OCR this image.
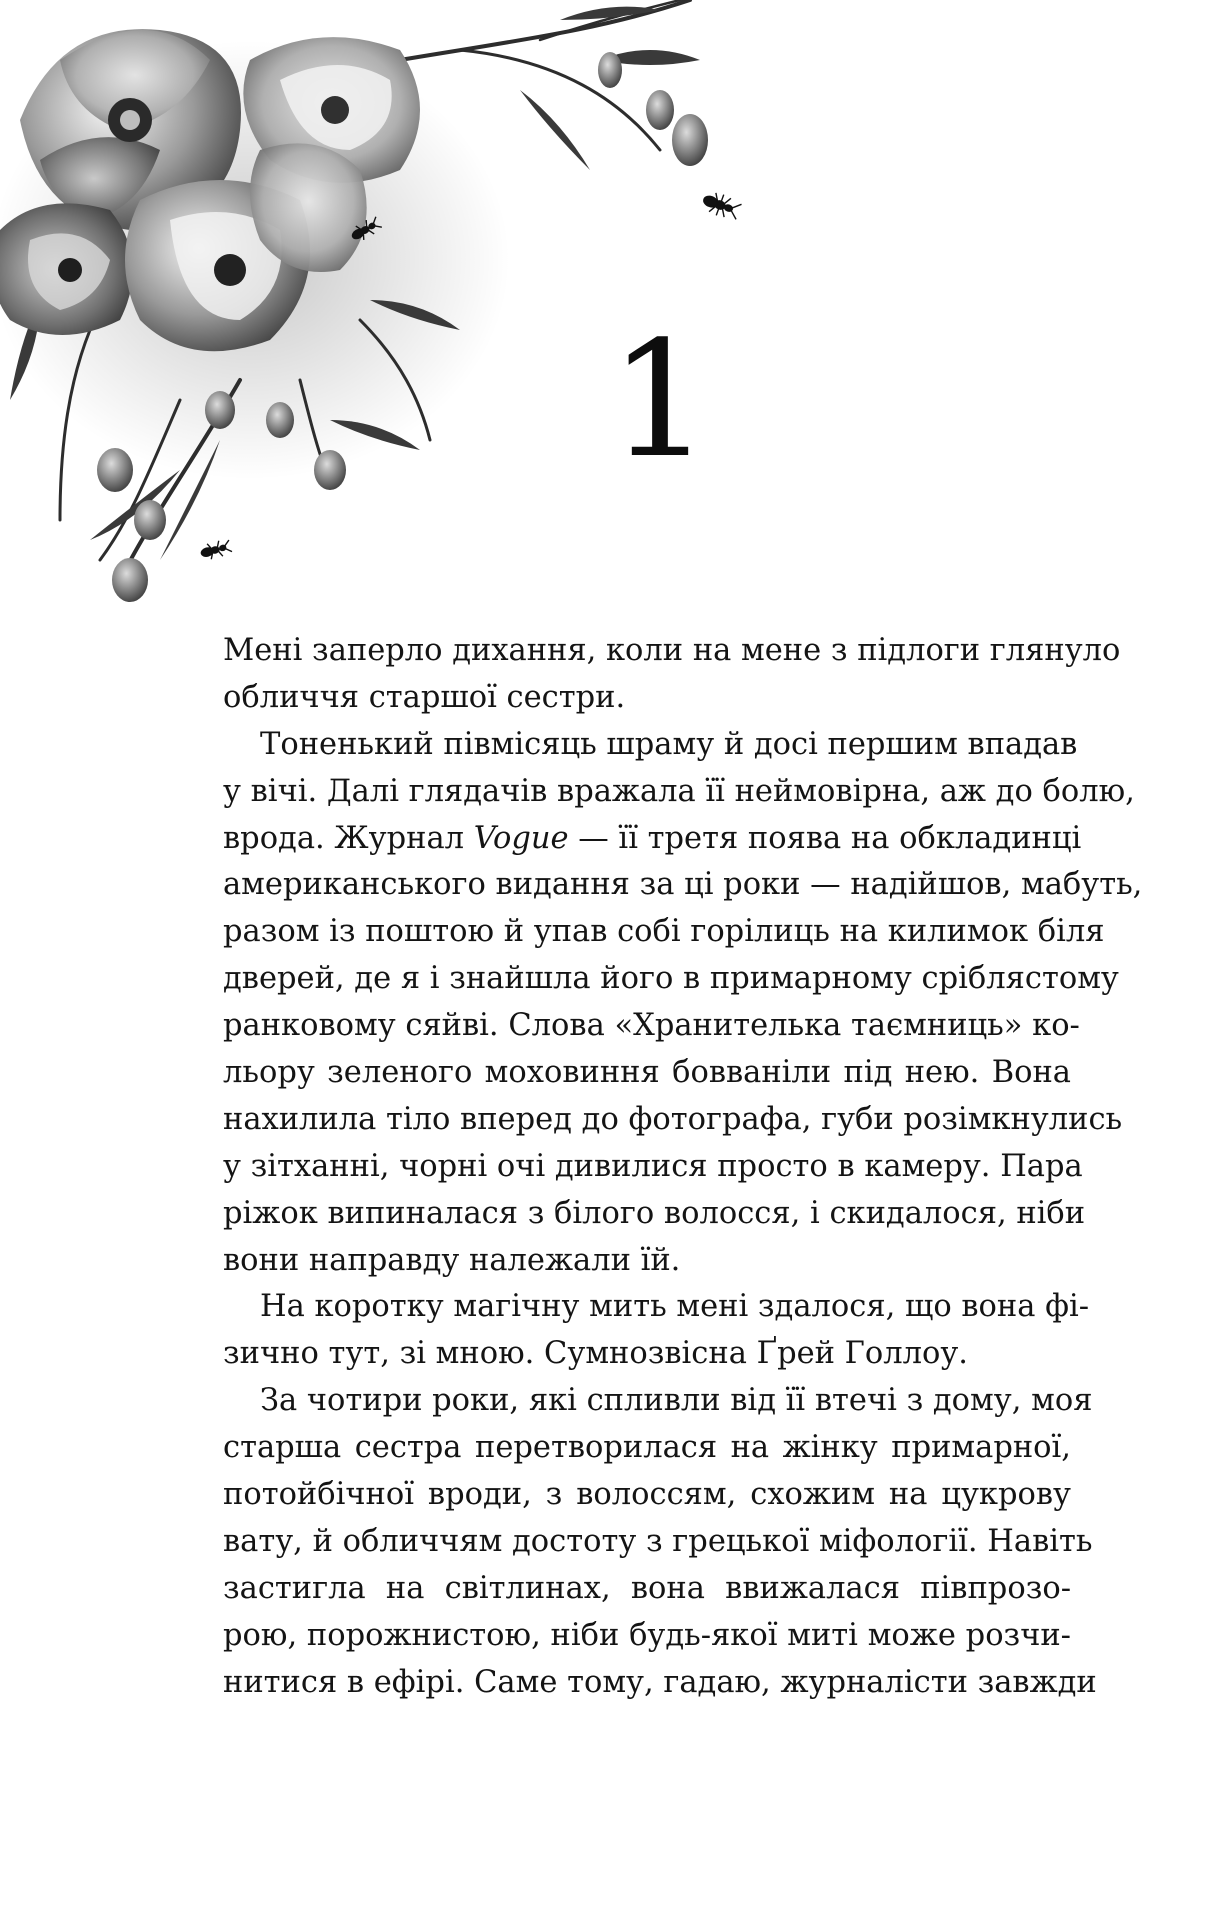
1
Мені заперло дихання, коли на мене з підлоги глянуло
обличчя старшої сестри.
Тоненький півмісяць шраму й досі першим впадав
у вічі. Далі глядачів вражала її неймовірна, аж до болю,
врода. Журнал Vogue — її третя поява на обкладинці
американського видання за ці роки — надійшов, мабуть,
разом із поштою й упав собі горілиць на килимок біля
дверей, де я і знайшла його в примарному сріблястому
ранковому сяйві. Слова «Хранителька таємниць» ко-
льору зеленого моховиння бовваніли під нею. Вона
нахилила тіло вперед до фотографа, губи розімкнулись
у зітханні, чорні очі дивилися просто в камеру. Пара
ріжок випиналася з білого волосся, і скидалося, ніби
вони направду належали їй.
На коротку магічну мить мені здалося, що вона фі-
зично тут, зі мною. Сумнозвісна Ґрей Голлоу.
За чотири роки, які спливли від її втечі з дому, моя
старша сестра перетворилася на жінку примарної,
потойбічної вроди, з волоссям, схожим на цукрову
вату, й обличчям достоту з грецької міфології. Навіть
застигла на світлинах, вона ввижалася півпрозо-
рою, порожнистою, ніби будь-якої миті може розчи-
нитися в ефірі. Саме тому, гадаю, журналісти завжди
